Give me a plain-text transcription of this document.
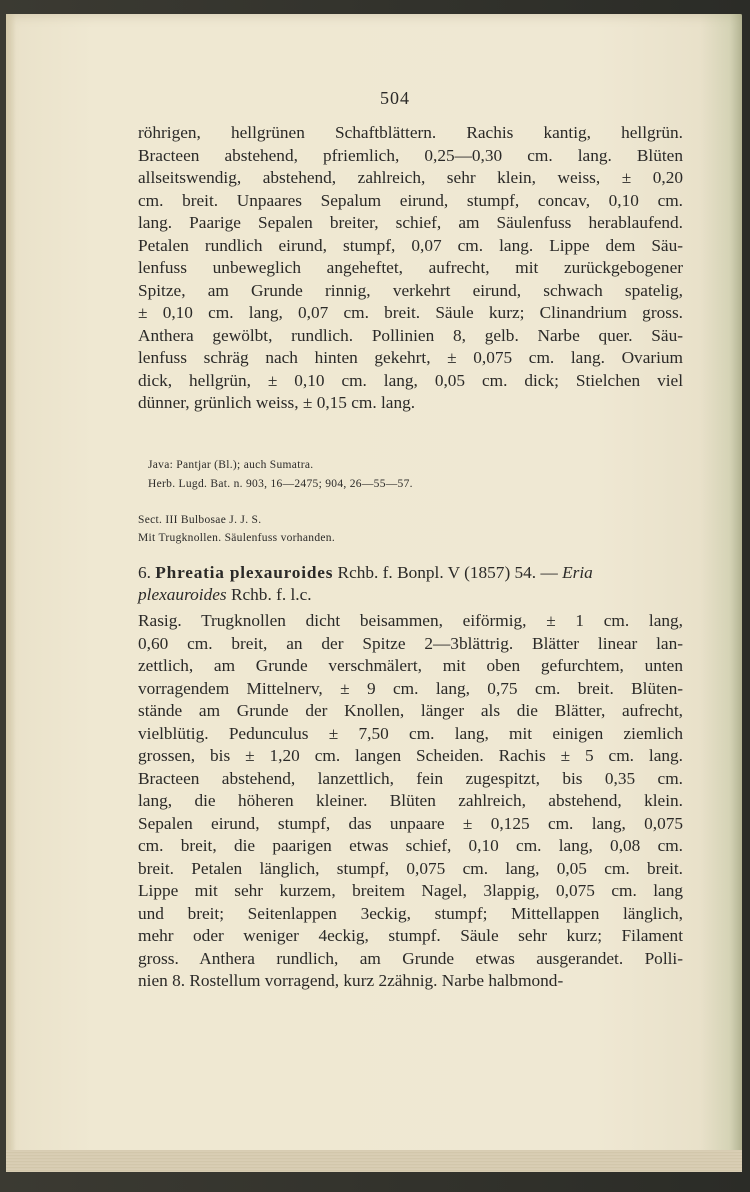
504
röhrigen, hellgrünen Schaftblättern. Rachis kantig, hellgrün.
Bracteen abstehend, pfriemlich, 0,25—0,30 cm. lang. Blüten
allseitswendig, abstehend, zahlreich, sehr klein, weiss, ± 0,20
cm. breit. Unpaares Sepalum eirund, stumpf, concav, 0,10 cm.
lang. Paarige Sepalen breiter, schief, am Säulenfuss herablaufend.
Petalen rundlich eirund, stumpf, 0,07 cm. lang. Lippe dem Säu-
lenfuss unbeweglich angeheftet, aufrecht, mit zurückgebogener
Spitze, am Grunde rinnig, verkehrt eirund, schwach spatelig,
± 0,10 cm. lang, 0,07 cm. breit. Säule kurz; Clinandrium gross.
Anthera gewölbt, rundlich. Pollinien 8, gelb. Narbe quer. Säu-
lenfuss schräg nach hinten gekehrt, ± 0,075 cm. lang. Ovarium
dick, hellgrün, ± 0,10 cm. lang, 0,05 cm. dick; Stielchen viel
dünner, grünlich weiss, ± 0,15 cm. lang.
Java: Pantjar (Bl.); auch Sumatra.
Herb. Lugd. Bat. n. 903, 16—2475; 904, 26—55—57.
Sect. III Bulbosae J. J. S.
Mit Trugknollen. Säulenfuss vorhanden.
6. Phreatia plexauroides Rchb. f. Bonpl. V (1857) 54. — Eria
plexauroides Rchb. f. l.c.
Rasig. Trugknollen dicht beisammen, eiförmig, ± 1 cm. lang,
0,60 cm. breit, an der Spitze 2—3blättrig. Blätter linear lan-
zettlich, am Grunde verschmälert, mit oben gefurchtem, unten
vorragendem Mittelnerv, ± 9 cm. lang, 0,75 cm. breit. Blüten-
stände am Grunde der Knollen, länger als die Blätter, aufrecht,
vielblütig. Pedunculus ± 7,50 cm. lang, mit einigen ziemlich
grossen, bis ± 1,20 cm. langen Scheiden. Rachis ± 5 cm. lang.
Bracteen abstehend, lanzettlich, fein zugespitzt, bis 0,35 cm.
lang, die höheren kleiner. Blüten zahlreich, abstehend, klein.
Sepalen eirund, stumpf, das unpaare ± 0,125 cm. lang, 0,075
cm. breit, die paarigen etwas schief, 0,10 cm. lang, 0,08 cm.
breit. Petalen länglich, stumpf, 0,075 cm. lang, 0,05 cm. breit.
Lippe mit sehr kurzem, breitem Nagel, 3lappig, 0,075 cm. lang
und breit; Seitenlappen 3eckig, stumpf; Mittellappen länglich,
mehr oder weniger 4eckig, stumpf. Säule sehr kurz; Filament
gross. Anthera rundlich, am Grunde etwas ausgerandet. Polli-
nien 8. Rostellum vorragend, kurz 2zähnig. Narbe halbmond-
